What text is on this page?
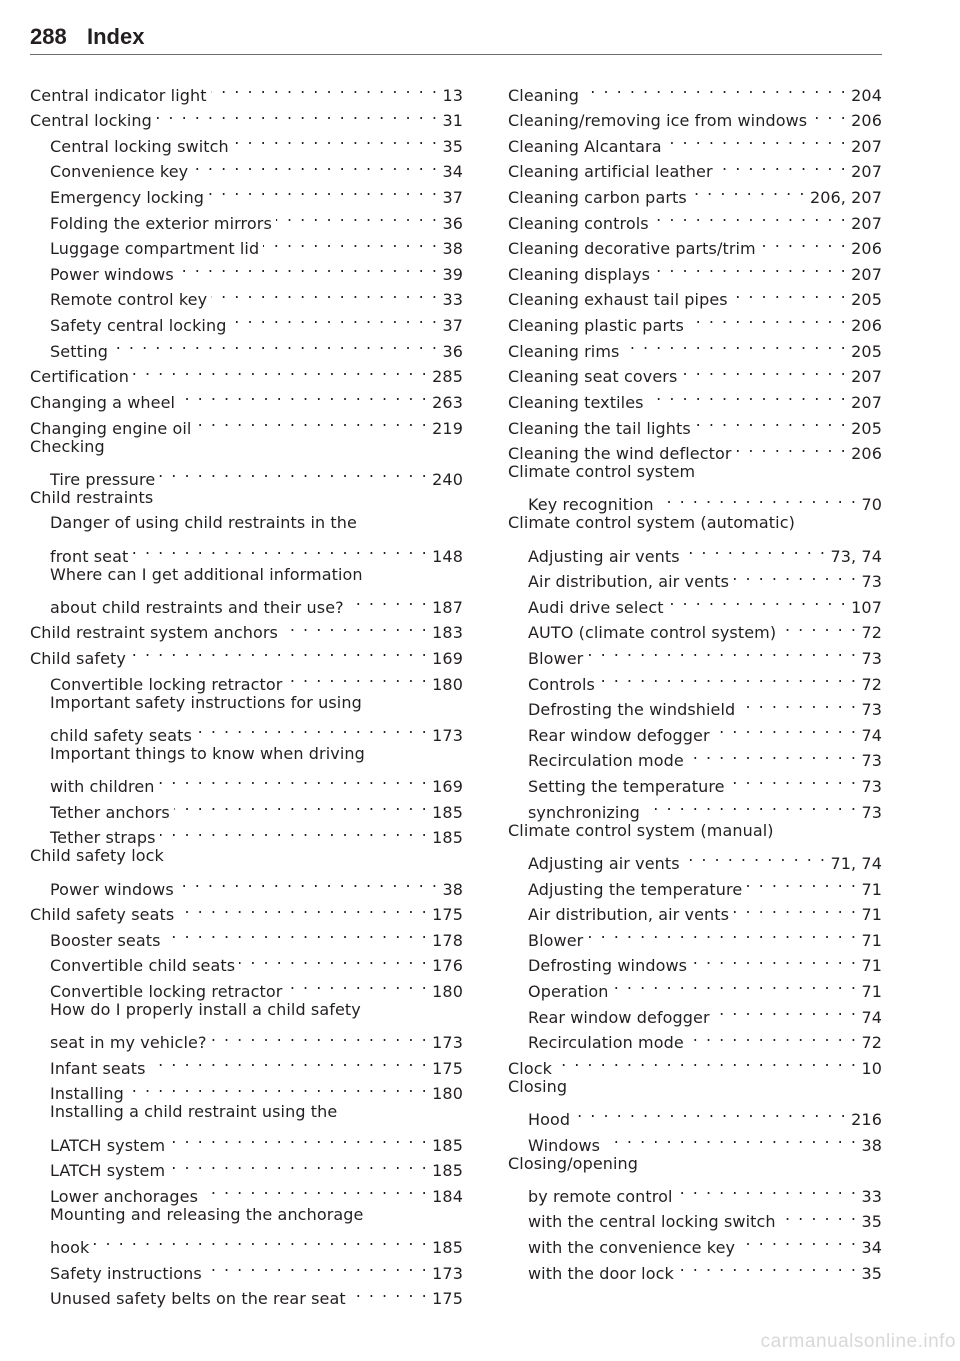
288 Index
Central indicator light . . .	13
Central locking . . .	31
Central locking switch . . .	35
Convenience key . . .	34
Emergency locking . . .	37
Folding the exterior mirrors . . .	36
Luggage compartment lid . . .	38
Power windows . . .	39
Remote control key . . .	33
Safety central locking . . .	37
Setting . . .	36
Certification . . .	285
Changing a wheel . . .	263
Changing engine oil . . .	219
Checking
Tire pressure . . .	240
Child restraints
Danger of using child restraints in the
front seat . . .	148
Where can I get additional information
about child restraints and their use? . . .	187
Child restraint system anchors . . .	183
Child safety . . .	169
Convertible locking retractor . . .	180
Important safety instructions for using
child safety seats . . .	173
Important things to know when driving
with children . . .	169
Tether anchors . . .	185
Tether straps . . .	185
Child safety lock
Power windows . . .	38
Child safety seats . . .	175
Booster seats . . .	178
Convertible child seats . . .	176
Convertible locking retractor . . .	180
How do I properly install a child safety
seat in my vehicle? . . .	173
Infant seats . . .	175
Installing . . .	180
Installing a child restraint using the
LATCH system . . .	185
LATCH system . . .	185
Lower anchorages . . .	184
Mounting and releasing the anchorage
hook . . .	185
Safety instructions . . .	173
Unused safety belts on the rear seat . . .	175
Cleaning . . .	204
Cleaning/removing ice from windows . . .	206
Cleaning Alcantara . . .	207
Cleaning artificial leather . . .	207
Cleaning carbon parts . . .	206, 207
Cleaning controls . . .	207
Cleaning decorative parts/trim . . .	206
Cleaning displays . . .	207
Cleaning exhaust tail pipes . . .	205
Cleaning plastic parts . . .	206
Cleaning rims . . .	205
Cleaning seat covers . . .	207
Cleaning textiles . . .	207
Cleaning the tail lights . . .	205
Cleaning the wind deflector . . .	206
Climate control system
Key recognition . . .	70
Climate control system (automatic)
Adjusting air vents . . .	73, 74
Air distribution, air vents . . .	73
Audi drive select . . .	107
AUTO (climate control system) . . .	72
Blower . . .	73
Controls . . .	72
Defrosting the windshield . . .	73
Rear window defogger . . .	74
Recirculation mode . . .	73
Setting the temperature . . .	73
synchronizing . . .	73
Climate control system (manual)
Adjusting air vents . . .	71, 74
Adjusting the temperature . . .	71
Air distribution, air vents . . .	71
Blower . . .	71
Defrosting windows . . .	71
Operation . . .	71
Rear window defogger . . .	74
Recirculation mode . . .	72
Clock . . .	10
Closing
Hood . . .	216
Windows . . .	38
Closing/opening
by remote control . . .	33
with the central locking switch . . .	35
with the convenience key . . .	34
with the door lock . . .	35
carmanualsonline.info
